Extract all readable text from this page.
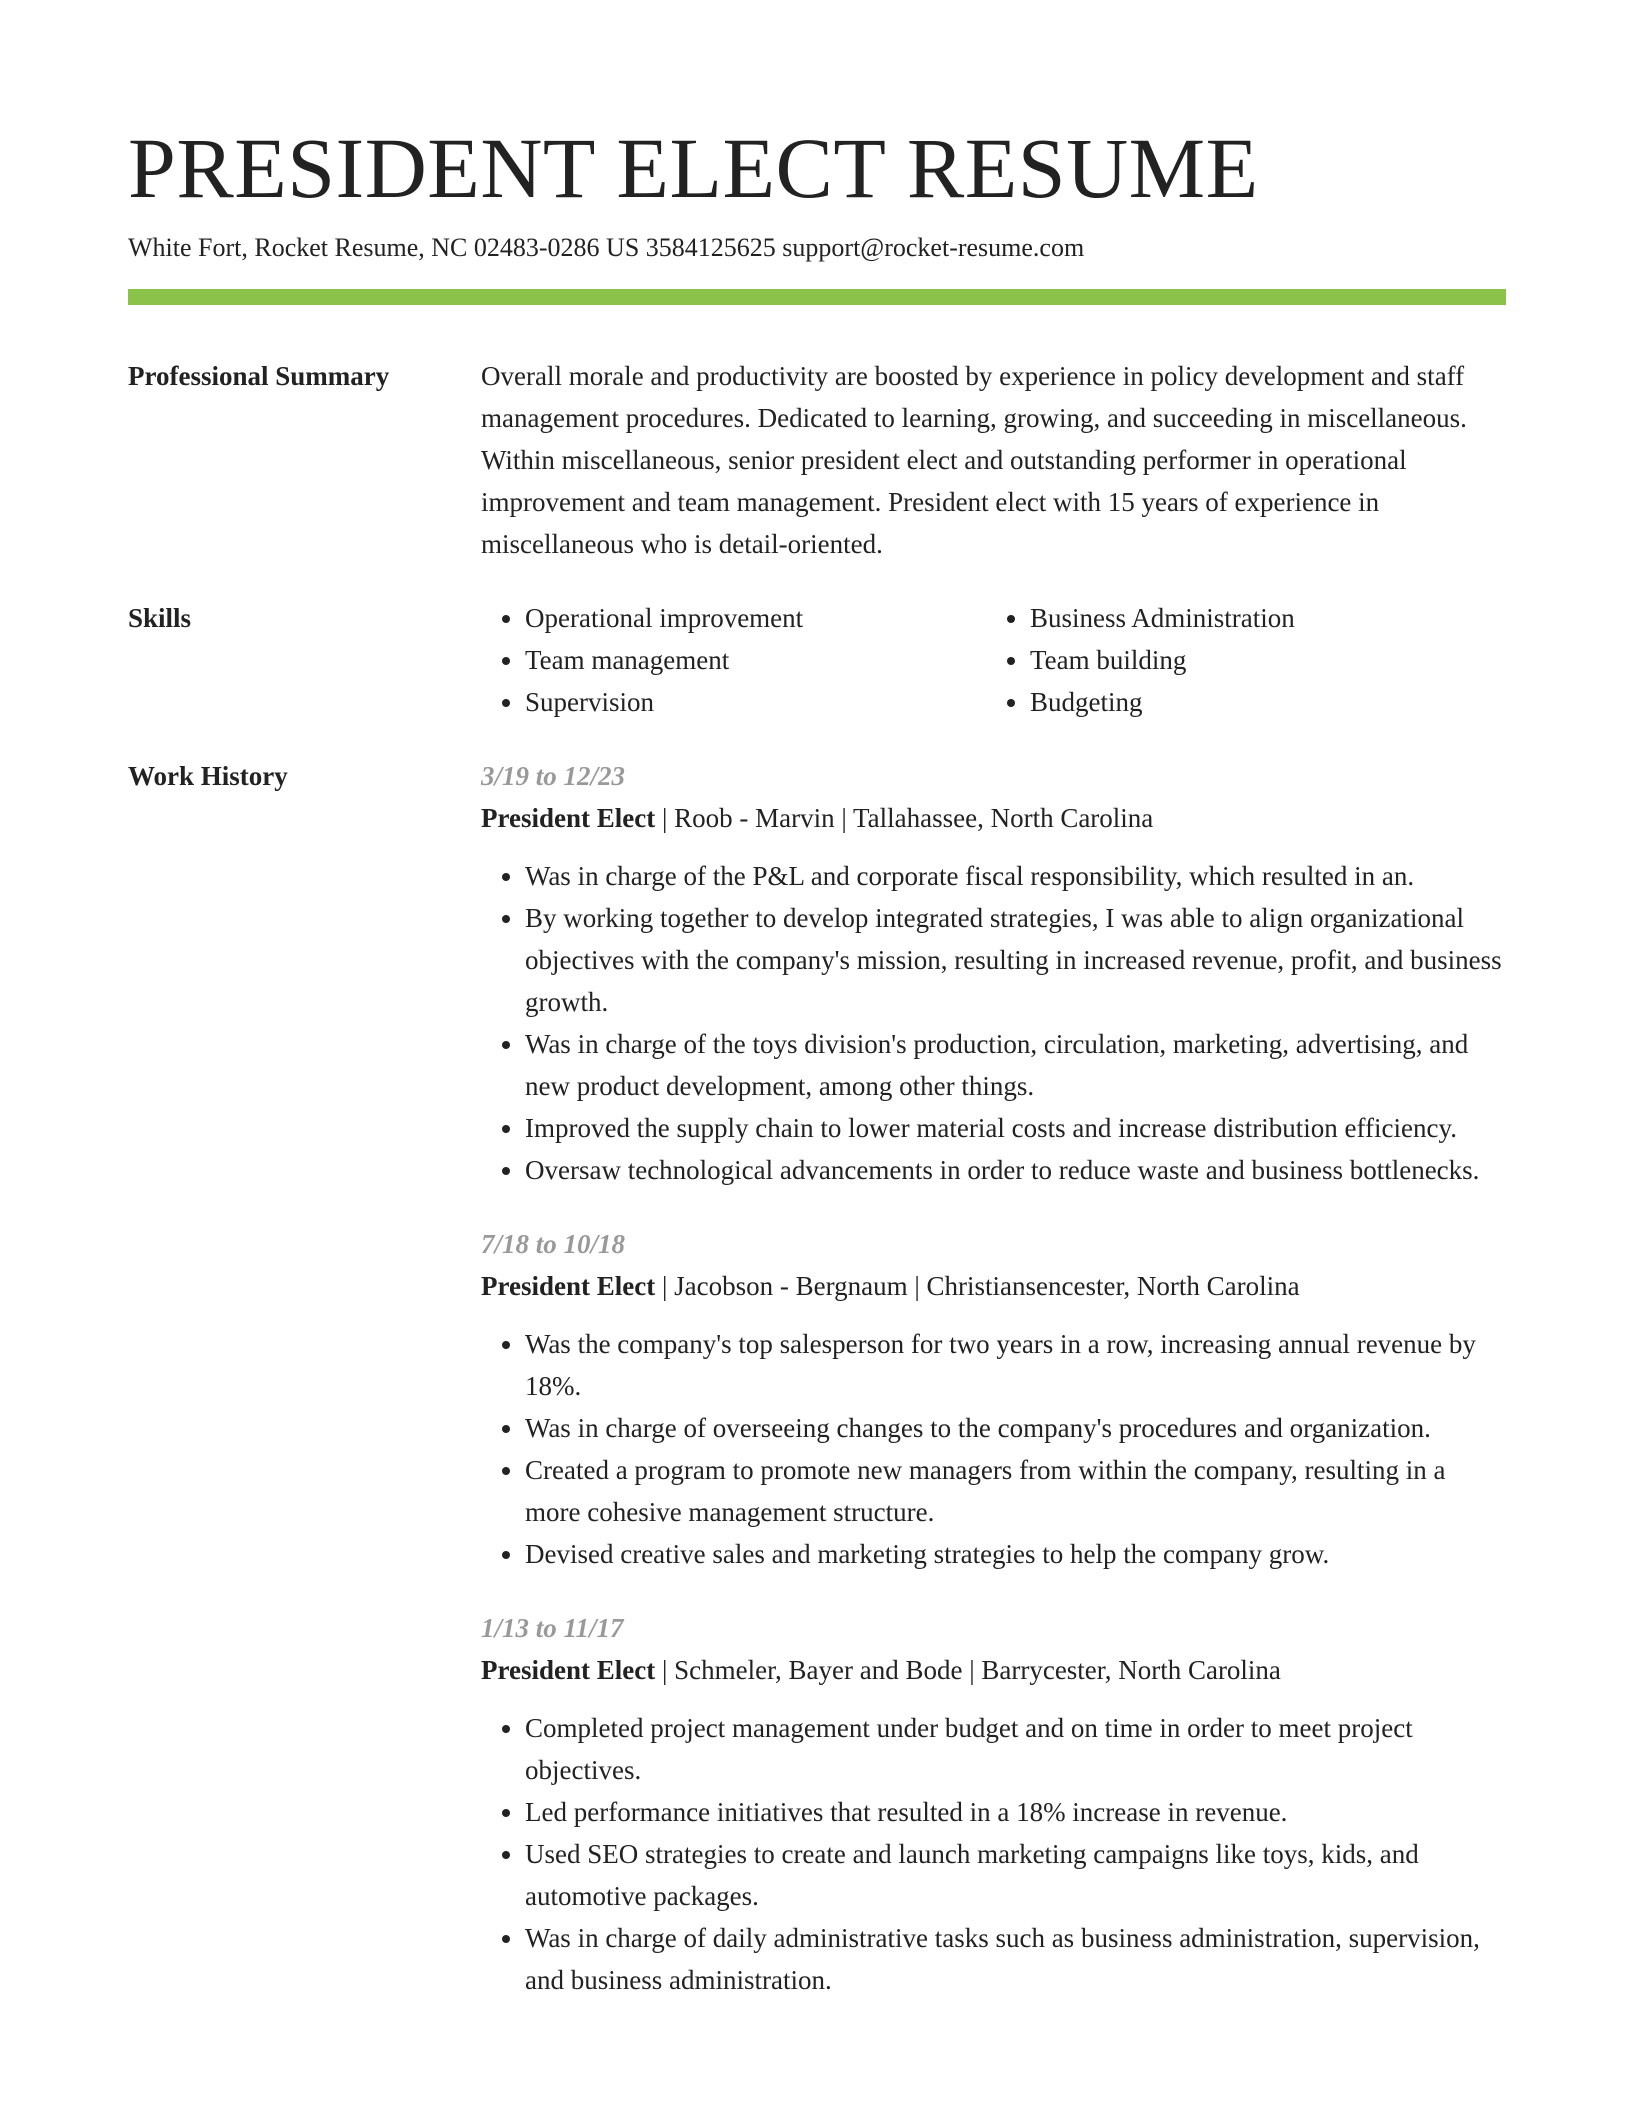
PRESIDENT ELECT RESUME
White Fort, Rocket Resume, NC 02483-0286 US 3584125625 support@rocket-resume.com
Professional Summary	Overall morale and productivity are boosted by experience in policy development and staff management procedures. Dedicated to learning, growing, and succeeding in miscellaneous. Within miscellaneous, senior president elect and outstanding performer in operational improvement and team management. President elect with 15 years of experience in miscellaneous who is detail-oriented.

Skills
•	Operational improvement
• Team management
• Supervision
• Business Administration
• Team building
• Budgeting
Work History	3/19 to 12/23
President Elect | Roob - Marvin | Tallahassee, North Carolina
• Was in charge of the P&L and corporate fiscal responsibility, which resulted in an.
• By working together to develop integrated strategies, I was able to align organizational objectives with the company's mission, resulting in increased revenue, profit, and business growth.
• Was in charge of the toys division's production, circulation, marketing, advertising, and new product development, among other things.
• Improved the supply chain to lower material costs and increase distribution efficiency.
• Oversaw technological advancements in order to reduce waste and business bottlenecks.
7/18 to 10/18
President Elect | Jacobson - Bergnaum | Christiansencester, North Carolina
• Was the company's top salesperson for two years in a row, increasing annual revenue by 18%.
• Was in charge of overseeing changes to the company's procedures and organization.
• Created a program to promote new managers from within the company, resulting in a more cohesive management structure.
• Devised creative sales and marketing strategies to help the company grow.
1/13 to 11/17
President Elect | Schmeler, Bayer and Bode | Barrycester, North Carolina
• Completed project management under budget and on time in order to meet project objectives.
• Led performance initiatives that resulted in a 18% increase in revenue.
• Used SEO strategies to create and launch marketing campaigns like toys, kids, and automotive packages.
• Was in charge of daily administrative tasks such as business administration, supervision, and business administration.
